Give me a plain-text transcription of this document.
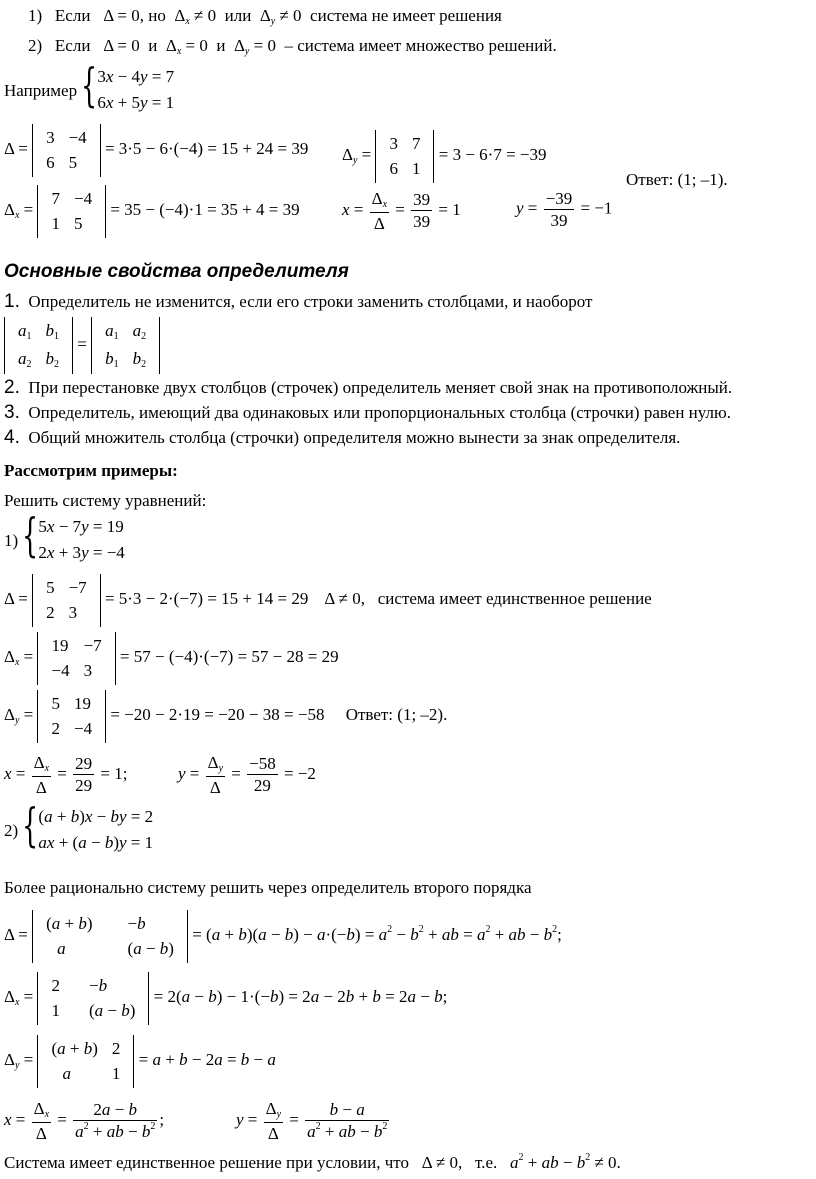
1) Если Δ = 0, но $\Delta_x \ne 0$ или $\Delta_y \ne 0$ система не имеет решения
2) Если Δ = 0 и $\Delta_x = 0$ и $\Delta_y = 0$ – система имеет множество решений.
Например { 3x − 4y = 7
6x + 5y = 1
Δ =
3	−4
6	5
= 3·5 − 6·(−4) = 15 + 24 = 39 $\Delta_y$ =
3	7
6	1
= 3 − 6·7 = −39
Ответ: (1; –1).
$\Delta_x$ =
7	−4
1	5
= 35 − (−4)·1 = 35 + 4 = 39 $x = \frac{\Delta_x}{\Delta} = \frac{39}{39} = 1$	$y = \frac{-39}{39} = -1$
Основные свойства определителя
1. Определитель не изменится, если его строки заменить столбцами, и наоборот
$a_1$	$b_1$
$a_2$	$b_2$
=
$a_1$	$a_2$
$b_1$	$b_2$
2. При перестановке двух столбцов (строчек) определитель меняет свой знак на противоположный.
3. Определитель, имеющий два одинаковых или пропорциональных столбца (строчки) равен нулю.
4. Общий множитель столбца (строчки) определителя можно вынести за знак определителя.
Рассмотрим примеры:
Решить систему уравнений:
1) { 5x − 7y = 19
2x + 3y = −4
Δ =
5	−7
2	3
= 5·3 − 2·(−7) = 15 + 14 = 29    Δ ≠ 0,   система имеет единственное решение
$\Delta_x$ =
19	−7
−4	3
= 57 − (−4)·(−7) = 57 − 28 = 29
$\Delta_y$ =
5	19
2	−4
= −20 − 2·19 = −20 − 38 = −58     Ответ: (1; –2).
$x = \frac{\Delta_x}{\Delta} = \frac{29}{29} = 1$;	$y = \frac{\Delta_y}{\Delta} = \frac{-58}{29} = -2$
2) { (a + b)x − by = 2
ax + (a − b)y = 1
Более рационально систему решить через определитель второго порядка
Δ =
(a + b)	−b
a	(a − b)
= $(a + b)(a - b) - a\cdot(-b) = a^2 - b^2$ + ab = $a^2$ + ab − $b^2$;
$\Delta_x$ =
2	−b
1	(a − b)
= 2(a − b) − 1·(−b) = 2a − 2b + b = 2a − b;
$\Delta_y$ =
(a + b)	2
a	1
= a + b − 2a = b − a
$x = \frac{\Delta_x}{\Delta} = \frac{2a - b}{a^2 + ab - b^2}$ ;	$y = \frac{\Delta_y}{\Delta} = \frac{b - a}{a^2 + ab - b^2}$
Система имеет единственное решение при условии, что   Δ ≠ 0,   т.е. $a^2$ + ab − $b^2 \ne 0$.
